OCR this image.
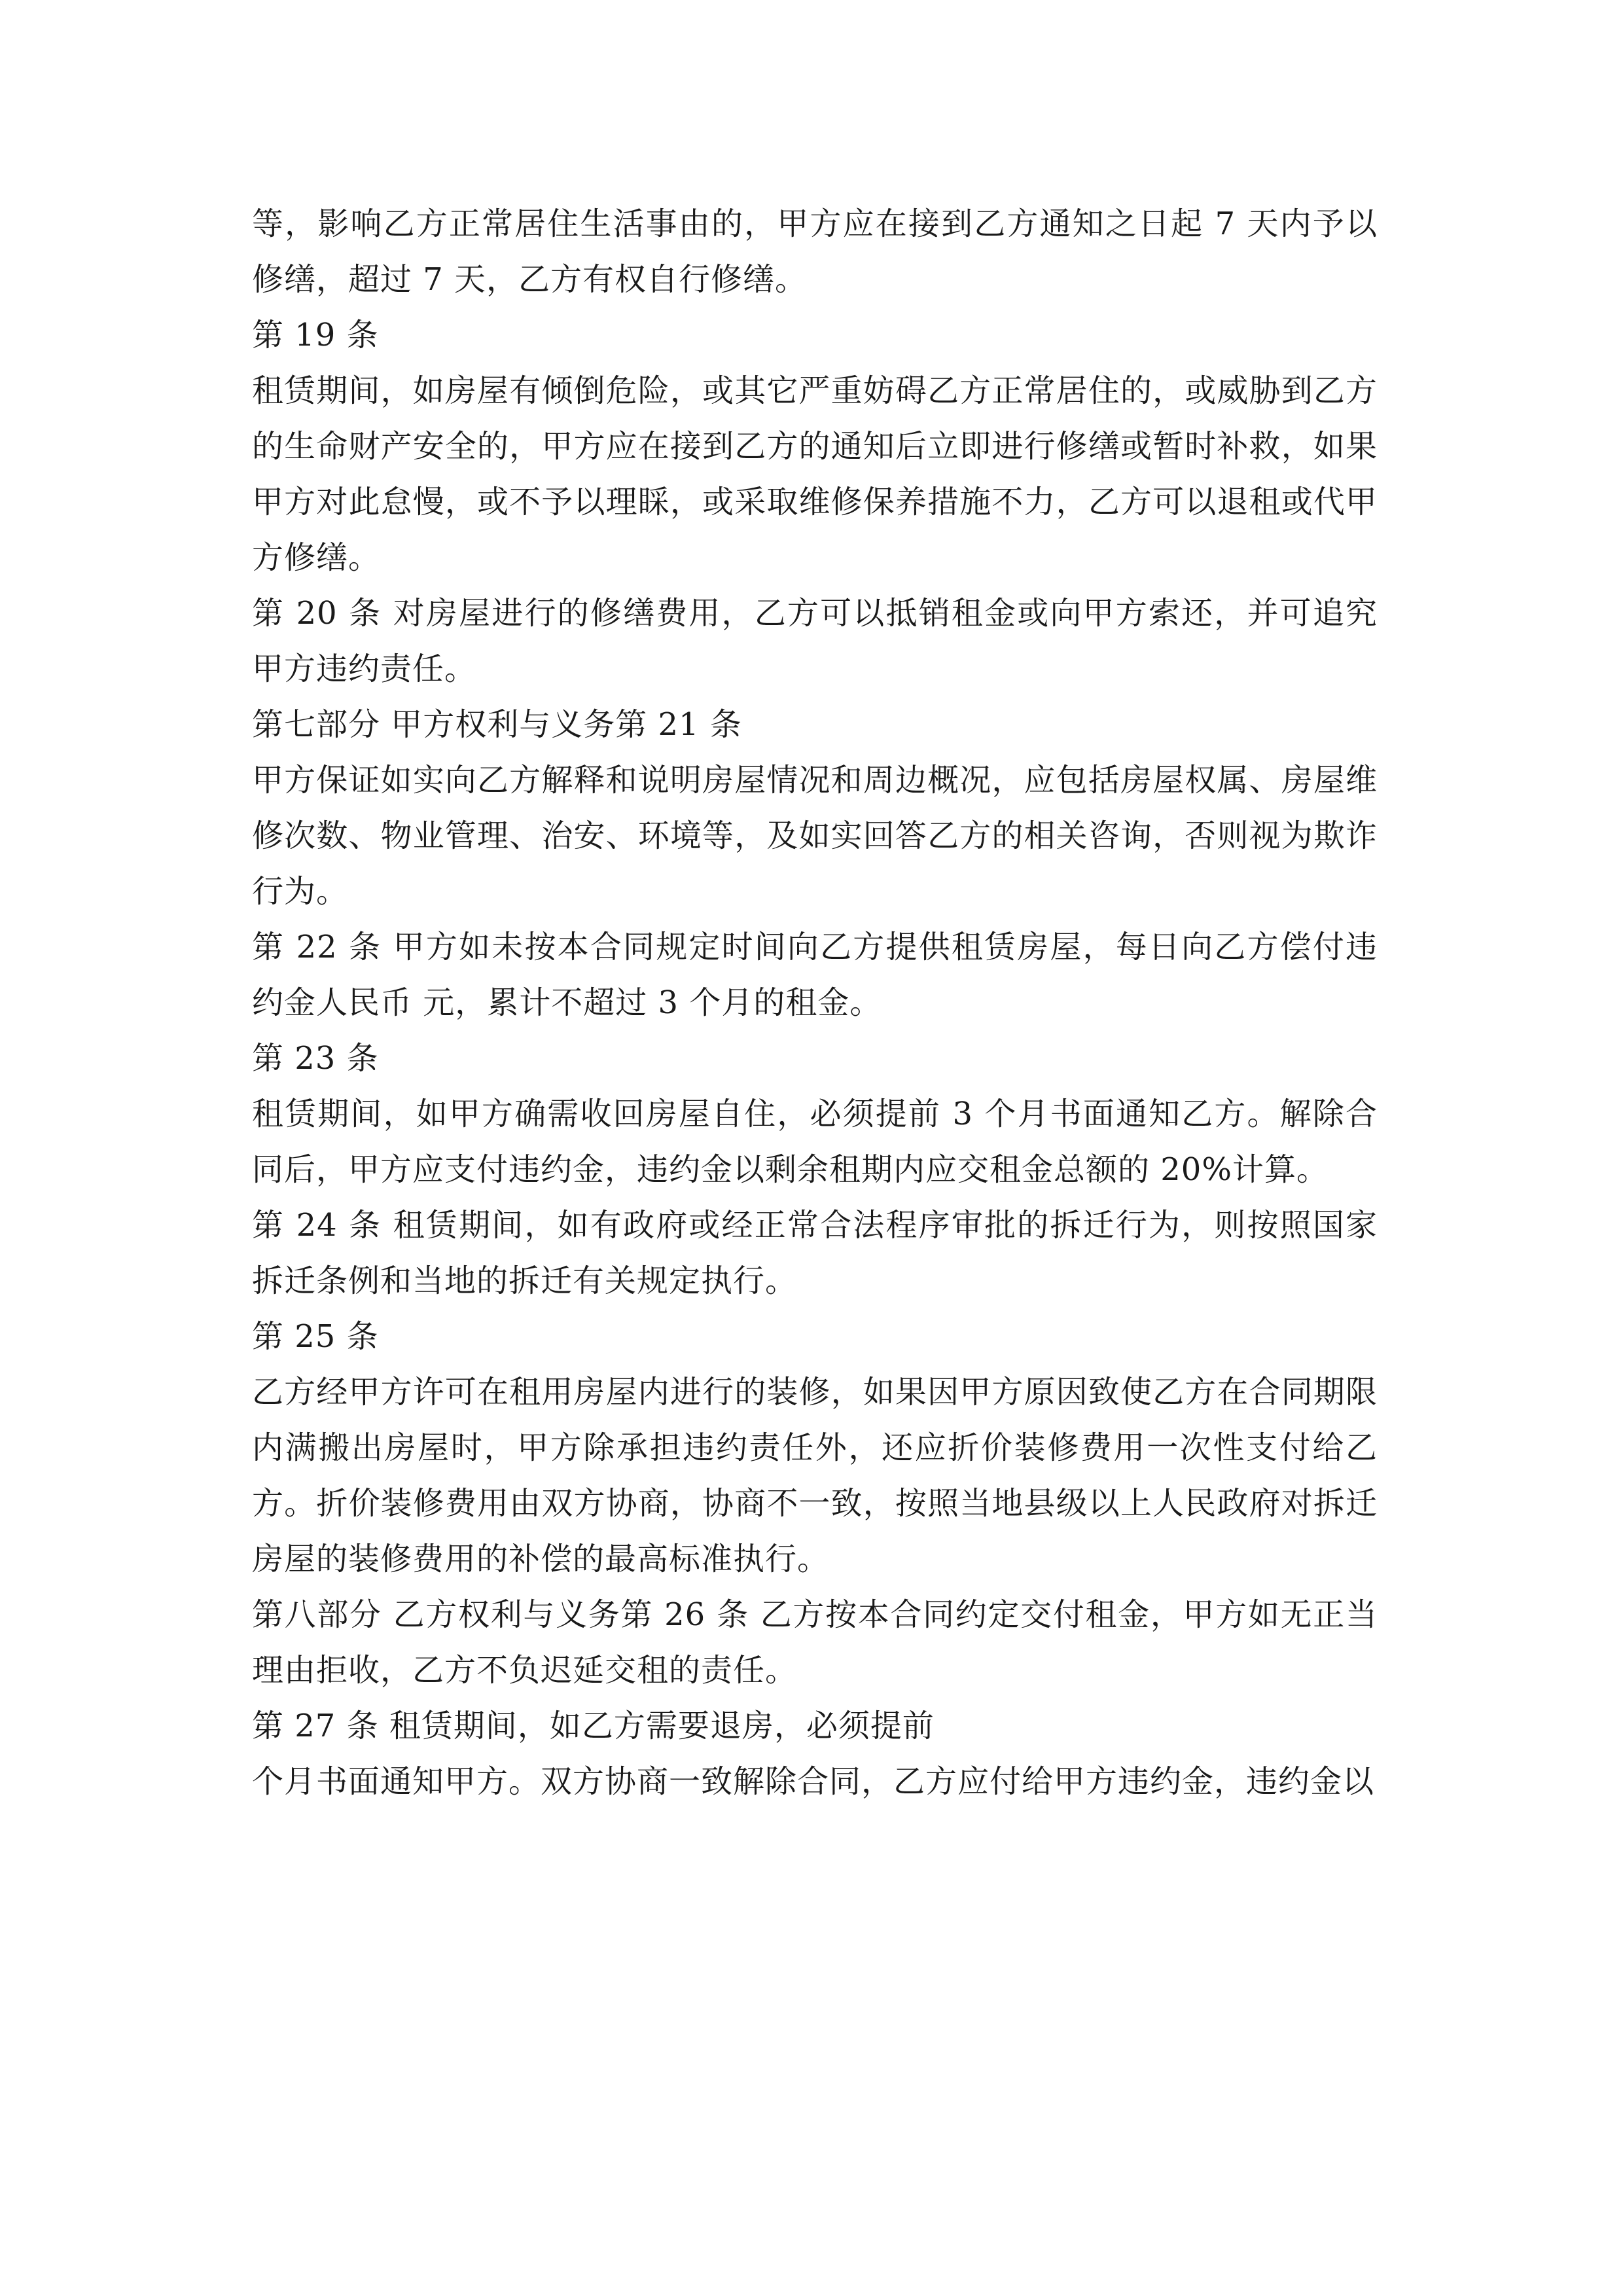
等，影响乙方正常居住生活事由的，甲方应在接到乙方通知之日起 7 天内予以修缮，超过 7 天，乙方有权自行修缮。

第 19 条

租赁期间，如房屋有倾倒危险，或其它严重妨碍乙方正常居住的，或威胁到乙方的生命财产安全的，甲方应在接到乙方的通知后立即进行修缮或暂时补救，如果甲方对此怠慢，或不予以理睬，或采取维修保养措施不力，乙方可以退租或代甲方修缮。

第 20 条 对房屋进行的修缮费用，乙方可以抵销租金或向甲方索还，并可追究甲方违约责任。

第七部分 甲方权利与义务第 21 条

甲方保证如实向乙方解释和说明房屋情况和周边概况，应包括房屋权属、房屋维修次数、物业管理、治安、环境等，及如实回答乙方的相关咨询，否则视为欺诈行为。

第 22 条 甲方如未按本合同规定时间向乙方提供租赁房屋，每日向乙方偿付违约金人民币 元，累计不超过 3 个月的租金。

第 23 条

租赁期间，如甲方确需收回房屋自住，必须提前 3 个月书面通知乙方。解除合同后，甲方应支付违约金，违约金以剩余租期内应交租金总额的 20%计算。

第 24 条 租赁期间，如有政府或经正常合法程序审批的拆迁行为，则按照国家拆迁条例和当地的拆迁有关规定执行。

第 25 条

乙方经甲方许可在租用房屋内进行的装修，如果因甲方原因致使乙方在合同期限内满搬出房屋时，甲方除承担违约责任外，还应折价装修费用一次性支付给乙方。折价装修费用由双方协商，协商不一致，按照当地县级以上人民政府对拆迁房屋的装修费用的补偿的最高标准执行。

第八部分 乙方权利与义务第 26 条 乙方按本合同约定交付租金，甲方如无正当理由拒收，乙方不负迟延交租的责任。

第 27 条 租赁期间，如乙方需要退房，必须提前

个月书面通知甲方。双方协商一致解除合同，乙方应付给甲方违约金，违约金以
